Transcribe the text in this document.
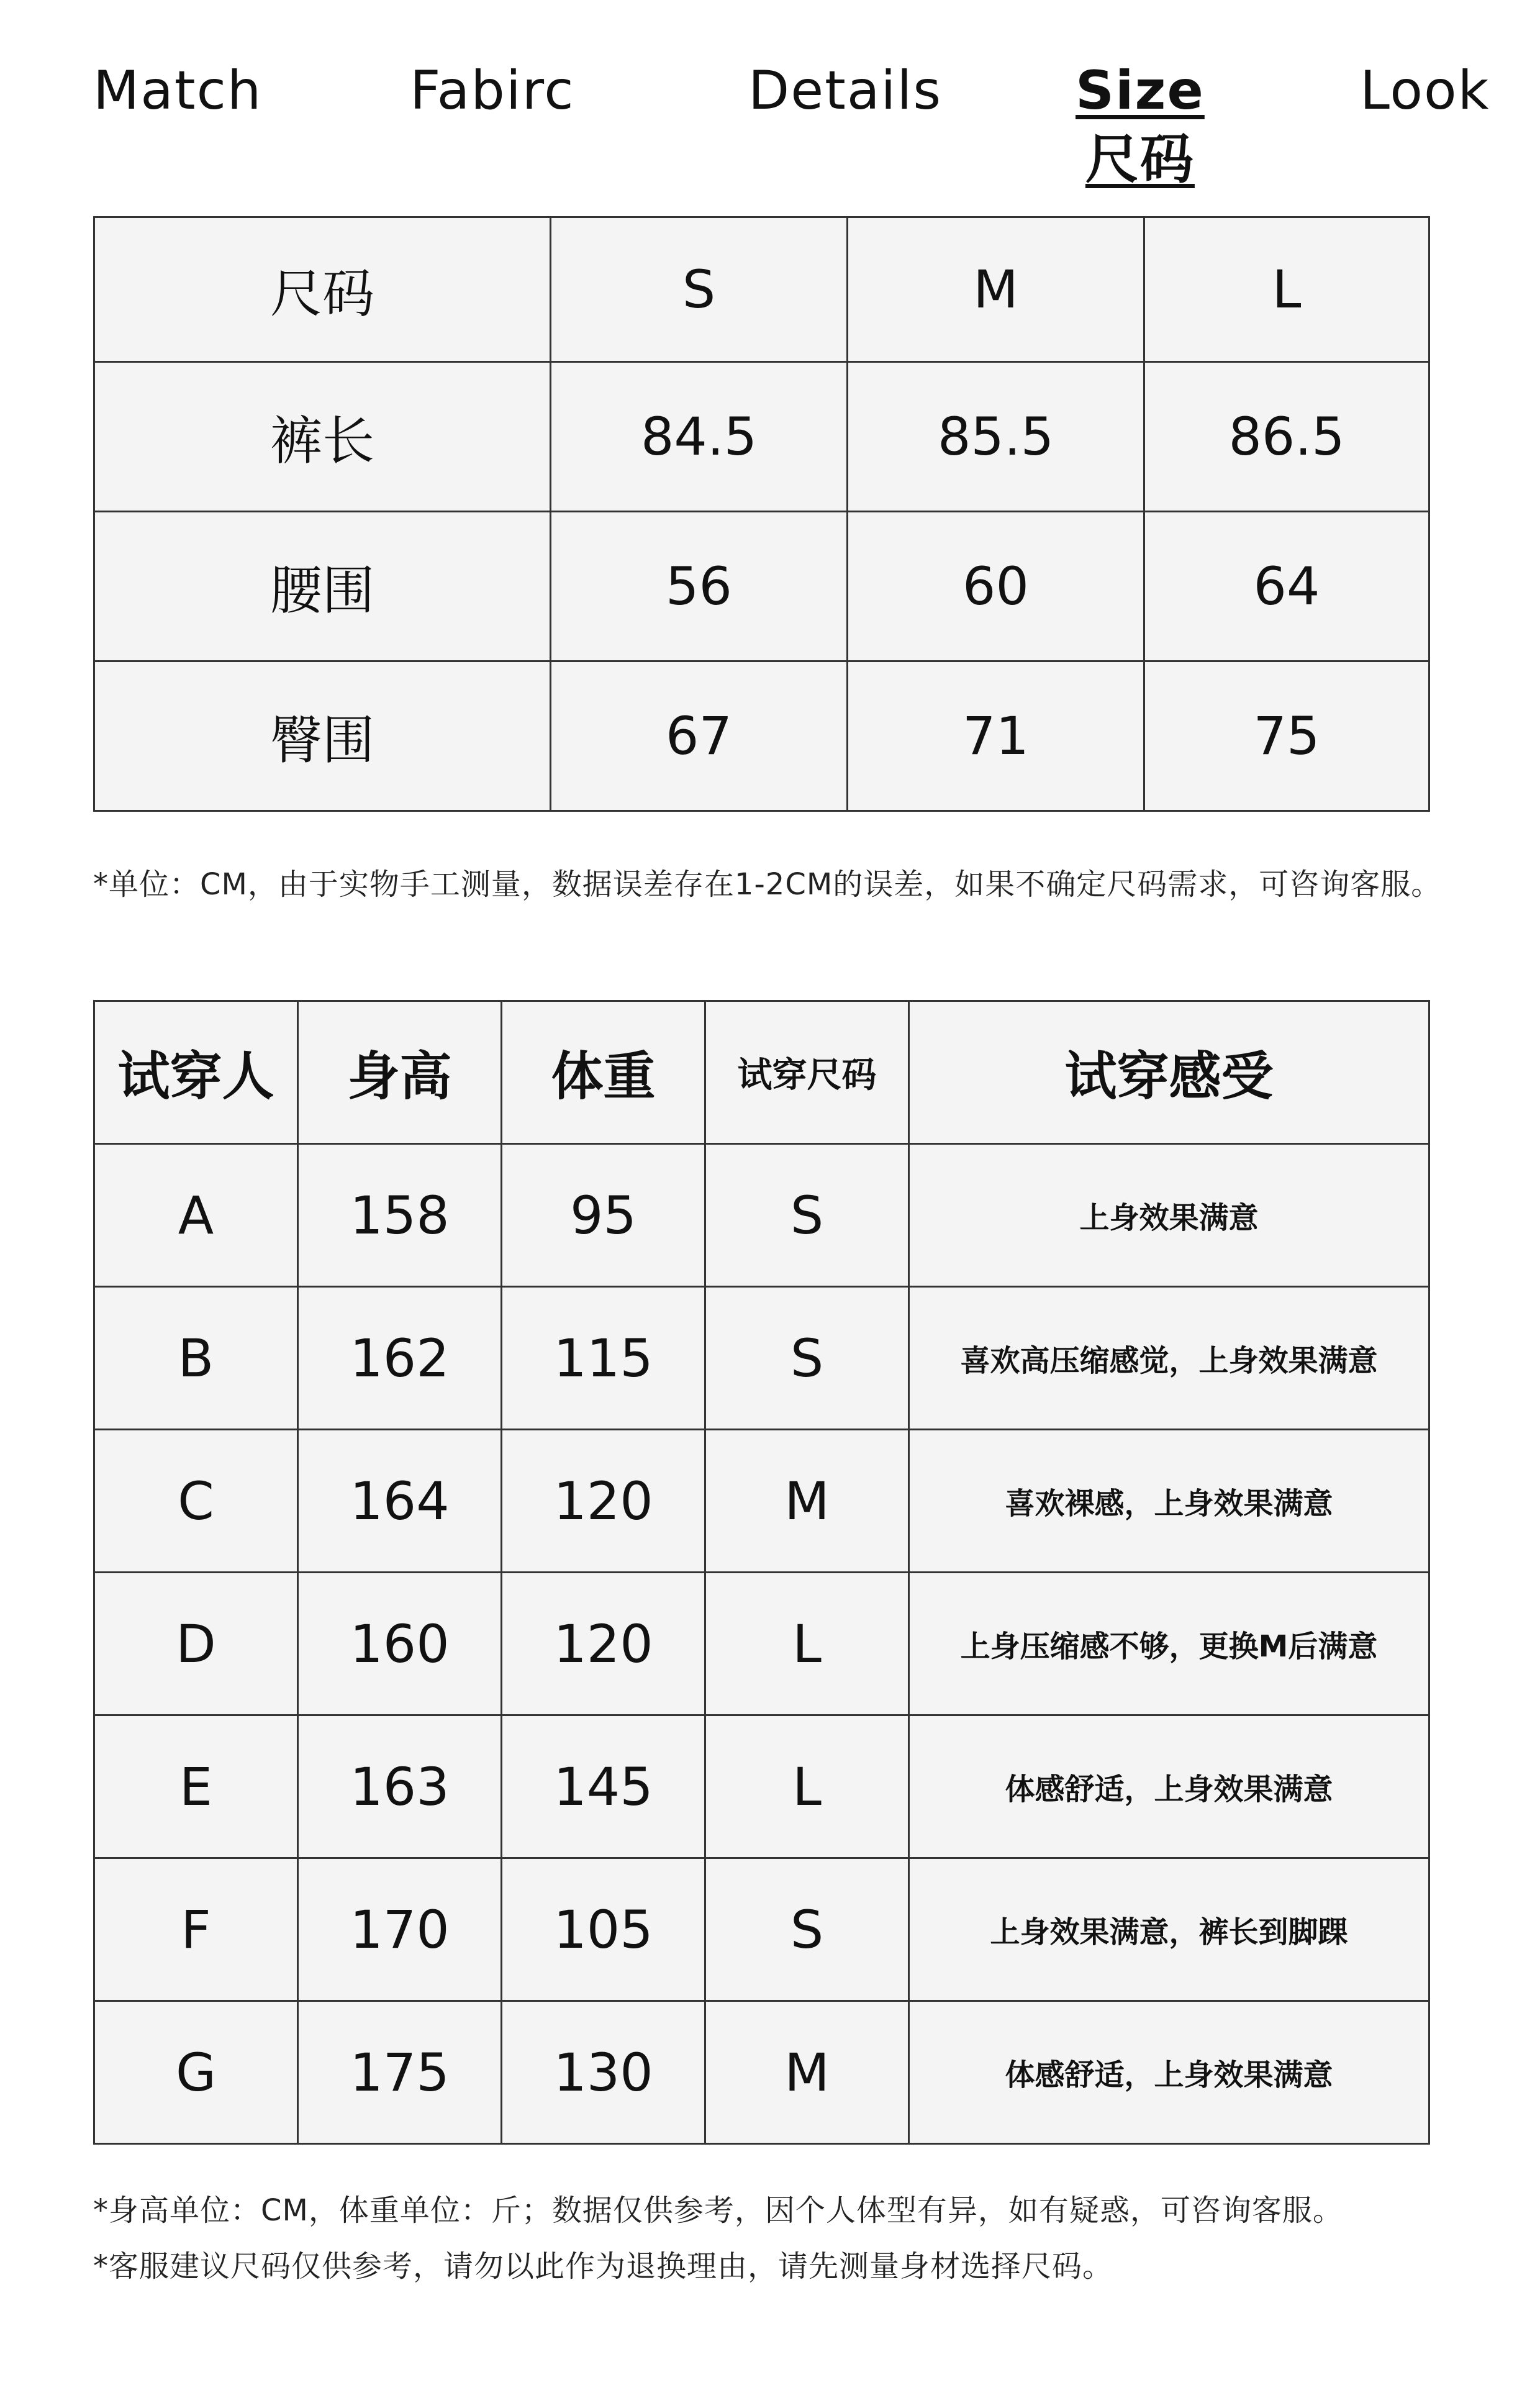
Match	Fabirc	Details Size
尺码
Look
尺码	S	M	L
裤长	84.5	85.5	86.5
腰围	56	60	64
臀围	67	71	75
*单位：CM，由于实物手工测量，数据误差存在1-2CM的误差，如果不确定尺码需求，可咨询客服。
试穿人	身高	体重	试穿尺码	试穿感受
A	158	95	S	上身效果满意
B	162	115	S	喜欢高压缩感觉，上身效果满意
C	164	120	M	喜欢裸感，上身效果满意
D	160	120	L	上身压缩感不够，更换M后满意
E	163	145	L	体感舒适，上身效果满意
F	170	105	S	上身效果满意，裤长到脚踝
G	175	130	M	体感舒适，上身效果满意
*身高单位：CM，体重单位：斤；数据仅供参考，因个人体型有异，如有疑惑，可咨询客服。
*客服建议尺码仅供参考，请勿以此作为退换理由，请先测量身材选择尺码。
